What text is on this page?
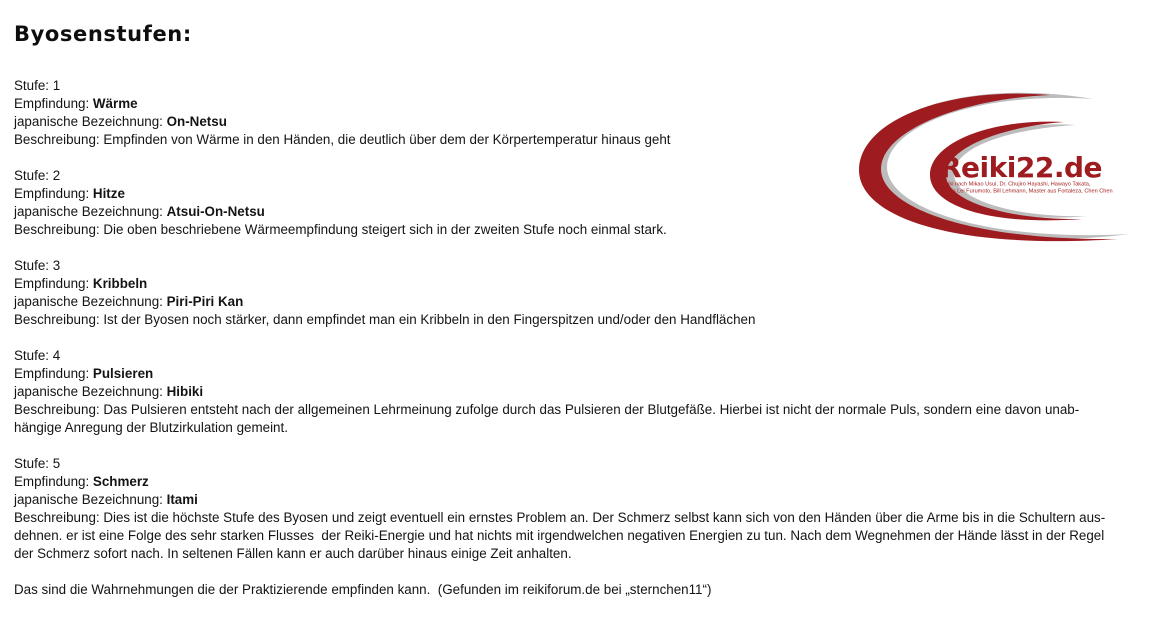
Byosenstufen:
Stufe: 1
Empfindung: Wärme
japanische Bezeichnung: On-Netsu
Beschreibung: Empfinden von Wärme in den Händen, die deutlich über dem der Körpertemperatur hinaus geht
Stufe: 2
Empfindung: Hitze
japanische Bezeichnung: Atsui-On-Netsu
Beschreibung: Die oben beschriebene Wärmeempfindung steigert sich in der zweiten Stufe noch einmal stark.
Stufe: 3
Empfindung: Kribbeln
japanische Bezeichnung: Piri-Piri Kan
Beschreibung: Ist der Byosen noch stärker, dann empfindet man ein Kribbeln in den Fingerspitzen und/oder den Handflächen
Stufe: 4
Empfindung: Pulsieren
japanische Bezeichnung: Hibiki
Beschreibung: Das Pulsieren entsteht nach der allgemeinen Lehrmeinung zufolge durch das Pulsieren der Blutgefäße. Hierbei ist nicht der normale Puls, sondern eine davon unab-
hängige Anregung der Blutzirkulation gemeint.
Stufe: 5
Empfindung: Schmerz
japanische Bezeichnung: Itami
Beschreibung: Dies ist die höchste Stufe des Byosen und zeigt eventuell ein ernstes Problem an. Der Schmerz selbst kann sich von den Händen über die Arme bis in die Schultern aus-
dehnen. er ist eine Folge des sehr starken Flusses  der Reiki-Energie und hat nichts mit irgendwelchen negativen Energien zu tun. Nach dem Wegnehmen der Hände lässt in der Regel
der Schmerz sofort nach. In seltenen Fällen kann er auch darüber hinaus einige Zeit anhalten.
Das sind die Wahrnehmungen die der Praktizierende empfinden kann.  (Gefunden im reikiforum.de bei „sternchen11“)
Reiki22.de
Reiki nach Mikao Usui, Dr. Chujiro Hayashi, Hawayo Takata,
Phillis Lei Furumoto, Bill Lehmann, Master aus Fortaleza, Chen Chen
